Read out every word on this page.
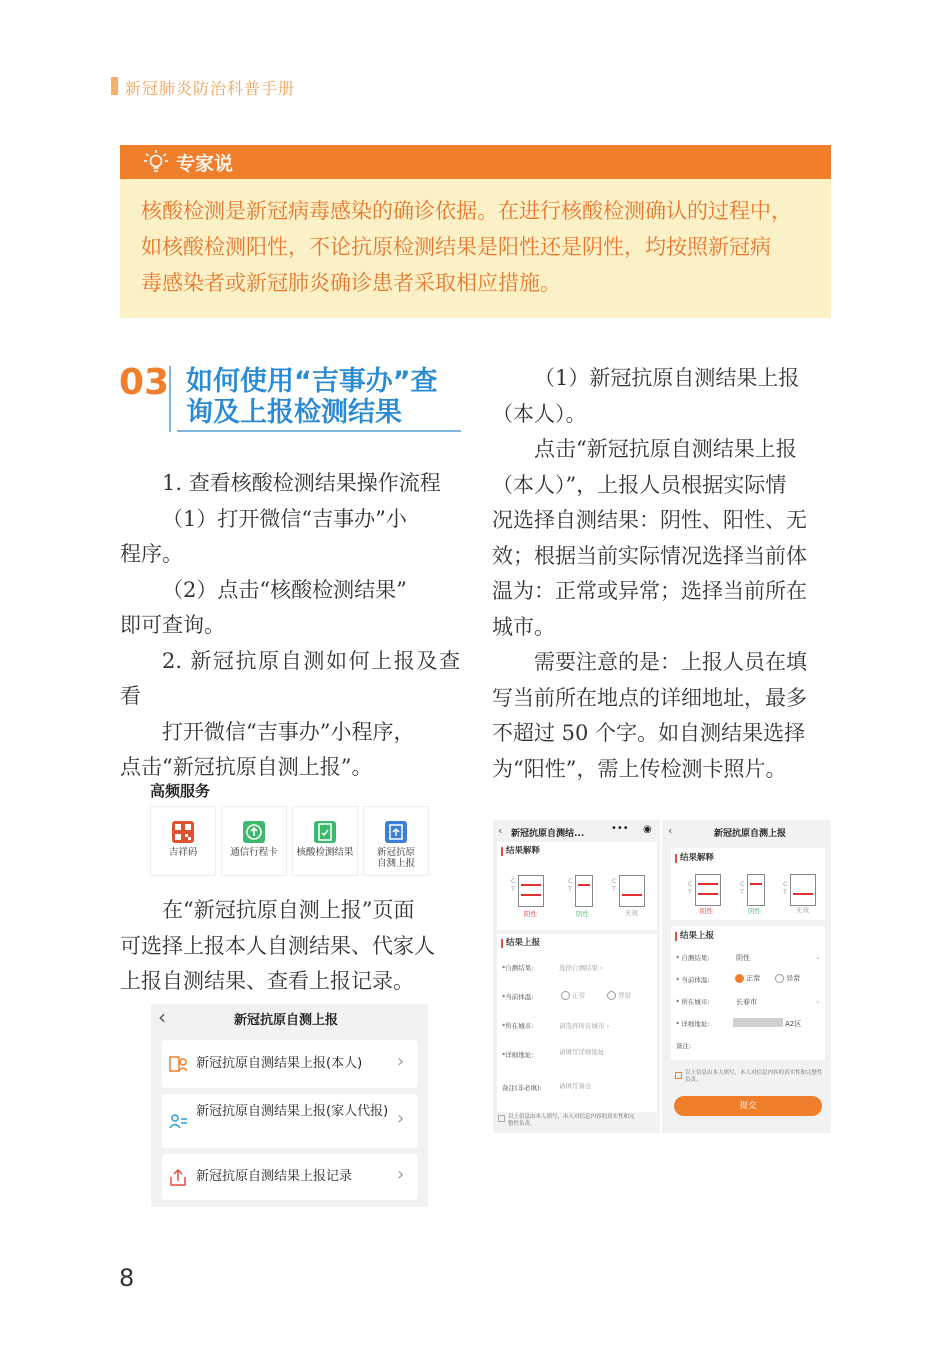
新冠肺炎防治科普手册
专家说
核酸检测是新冠病毒感染的确诊依据。在进行核酸检测确认的过程中，
如核酸检测阳性，不论抗原检测结果是阳性还是阴性，均按照新冠病
毒感染者或新冠肺炎确诊患者采取相应措施。
03 如何使用“吉事办”查
询及上报检测结果
1. 查看核酸检测结果操作流程
（1）打开微信“吉事办”小
程序。
（2）点击“核酸检测结果”
即可查询。
2. 新冠抗原自测如何上报及查看
打开微信“吉事办”小程序，
点击“新冠抗原自测上报”。
高频服务
吉祥码	通信行程卡	核酸检测结果	新冠抗原
自测上报
在“新冠抗原自测上报”页面
可选择上报本人自测结果、代家人
上报自测结果、查看上报记录。
‹	新冠抗原自测上报
新冠抗原自测结果上报(本人)	›
新冠抗原自测结果上报(家人代报) ›
新冠抗原自测结果上报记录	›
（1）新冠抗原自测结果上报
（本人）。
点击“新冠抗原自测结果上报
（本人）”，上报人员根据实际情
况选择自测结果：阴性、阳性、无
效；根据当前实际情况选择当前体
温为：正常或异常；选择当前所在
城市。
需要注意的是：上报人员在填
写当前所在地点的详细地址，最多
不超过 50 个字。如自测结果选择
为“阳性”，需上传检测卡照片。
‹ 新冠抗原自测结...	••• ◉
结果解释
C
T
阳性
C
T
阴性
C
T
无效
结果上报
*自测结果:	选择自测结果 ›
*当前体温:	正常	异常
*所在城市:	请选择所在城市 ›
*详细地址:	请填写详细地址
备注(非必填):	请填写备注
以上信息由本人填写，本人对信息内容的真实性和完整性负责。
‹	新冠抗原自测上报
结果解释
C
T
阳性
C
T
阴性
C
T
无效
结果上报
* 自测结果:	阴性	⌄
* 当前体温:	正常	异常
* 所在城市:	长春市	⌄
* 详细地址:	A2区
备注:
以上信息由本人填写，本人对信息内容的真实性和完整性负责。
提交
8
